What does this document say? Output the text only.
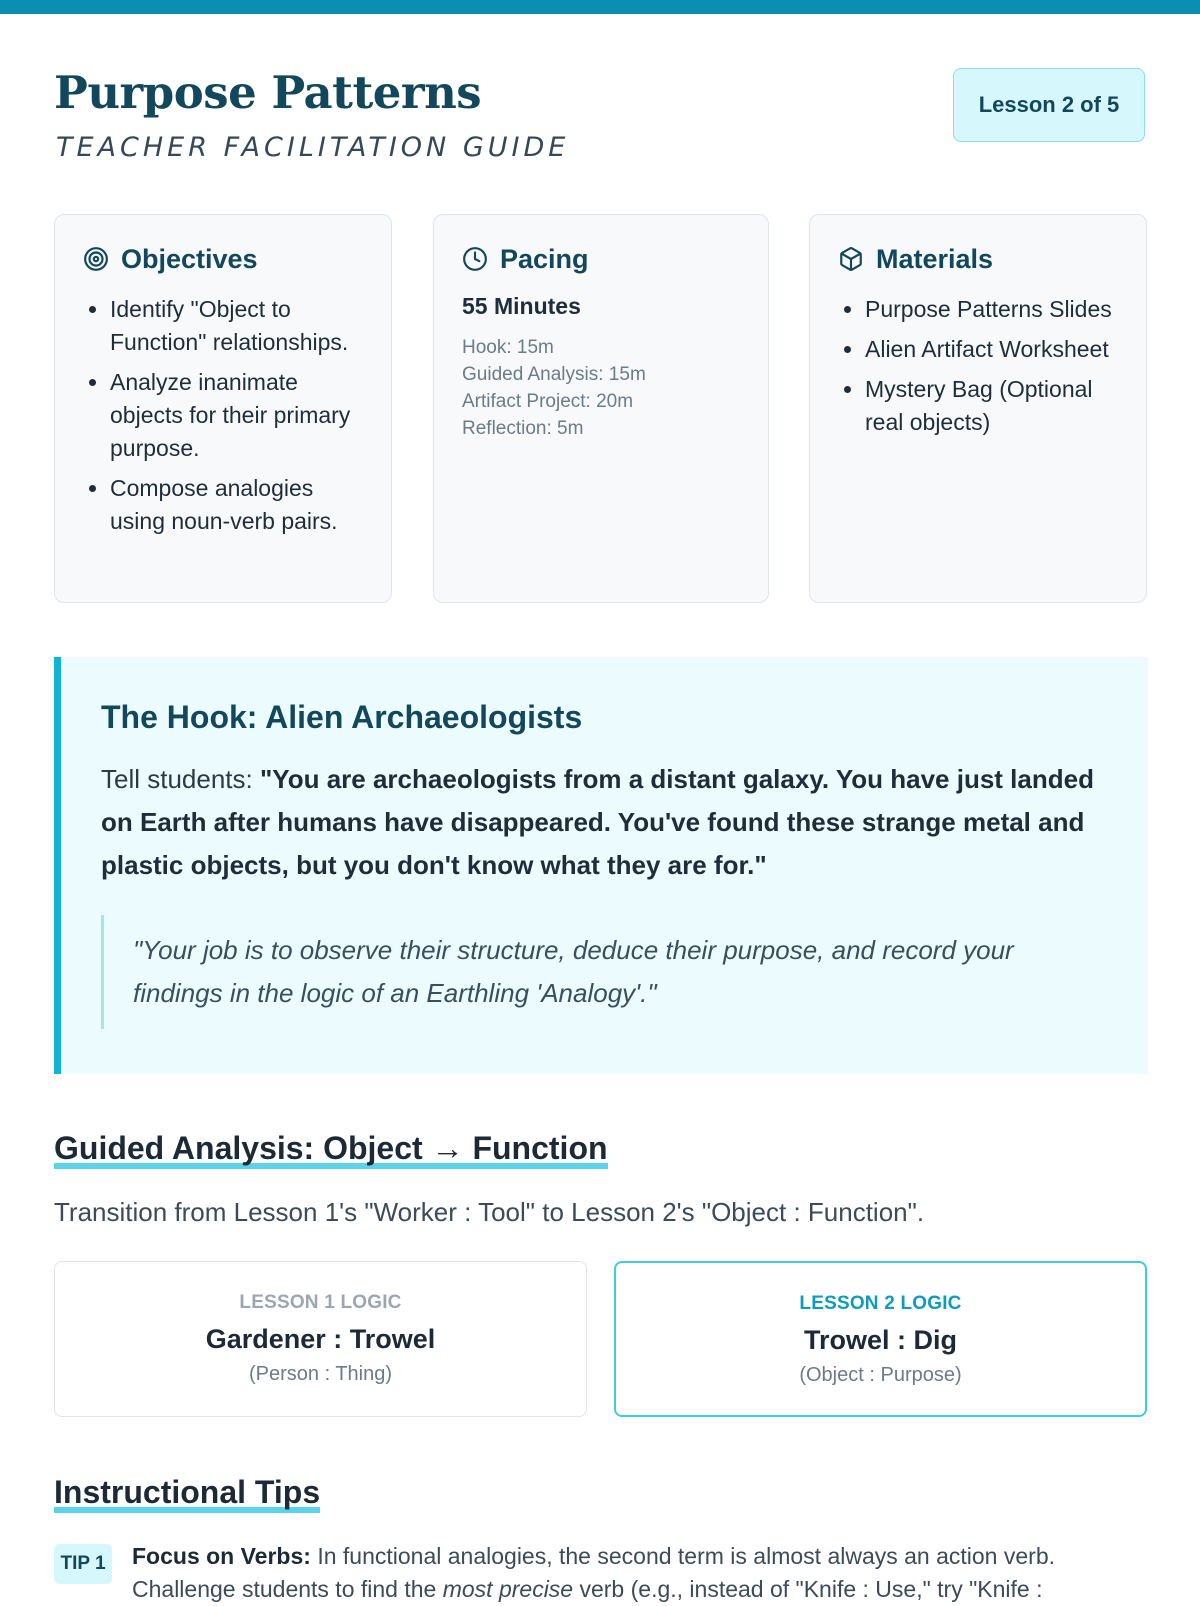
Purpose Patterns
TEACHER FACILITATION GUIDE
Lesson 2 of 5
Objectives
• Identify "Object to Function" relationships.
• Analyze inanimate objects for their primary purpose.
• Compose analogies using noun-verb pairs.
Pacing
55 Minutes
Hook: 15m
Guided Analysis: 15m
Artifact Project: 20m
Reflection: 5m
Materials
• Purpose Patterns Slides
• Alien Artifact Worksheet
• Mystery Bag (Optional real objects)
The Hook: Alien Archaeologists

Tell students: "You are archaeologists from a distant galaxy. You have just landed on Earth after humans have disappeared. You've found these strange metal and plastic objects, but you don't know what they are for."

"Your job is to observe their structure, deduce their purpose, and record your findings in the logic of an Earthling 'Analogy'."
Guided Analysis: Object → Function

Transition from Lesson 1's "Worker : Tool" to Lesson 2's "Object : Function".

LESSON 1 LOGIC
Gardener : Trowel
(Person : Thing)
LESSON 2 LOGIC
Trowel : Dig
(Object : Purpose)
Instructional Tips
TIP 1 Focus on Verbs: In functional analogies, the second term is almost always an action verb. Challenge students to find the most precise verb (e.g., instead of "Knife : Use," try "Knife :
